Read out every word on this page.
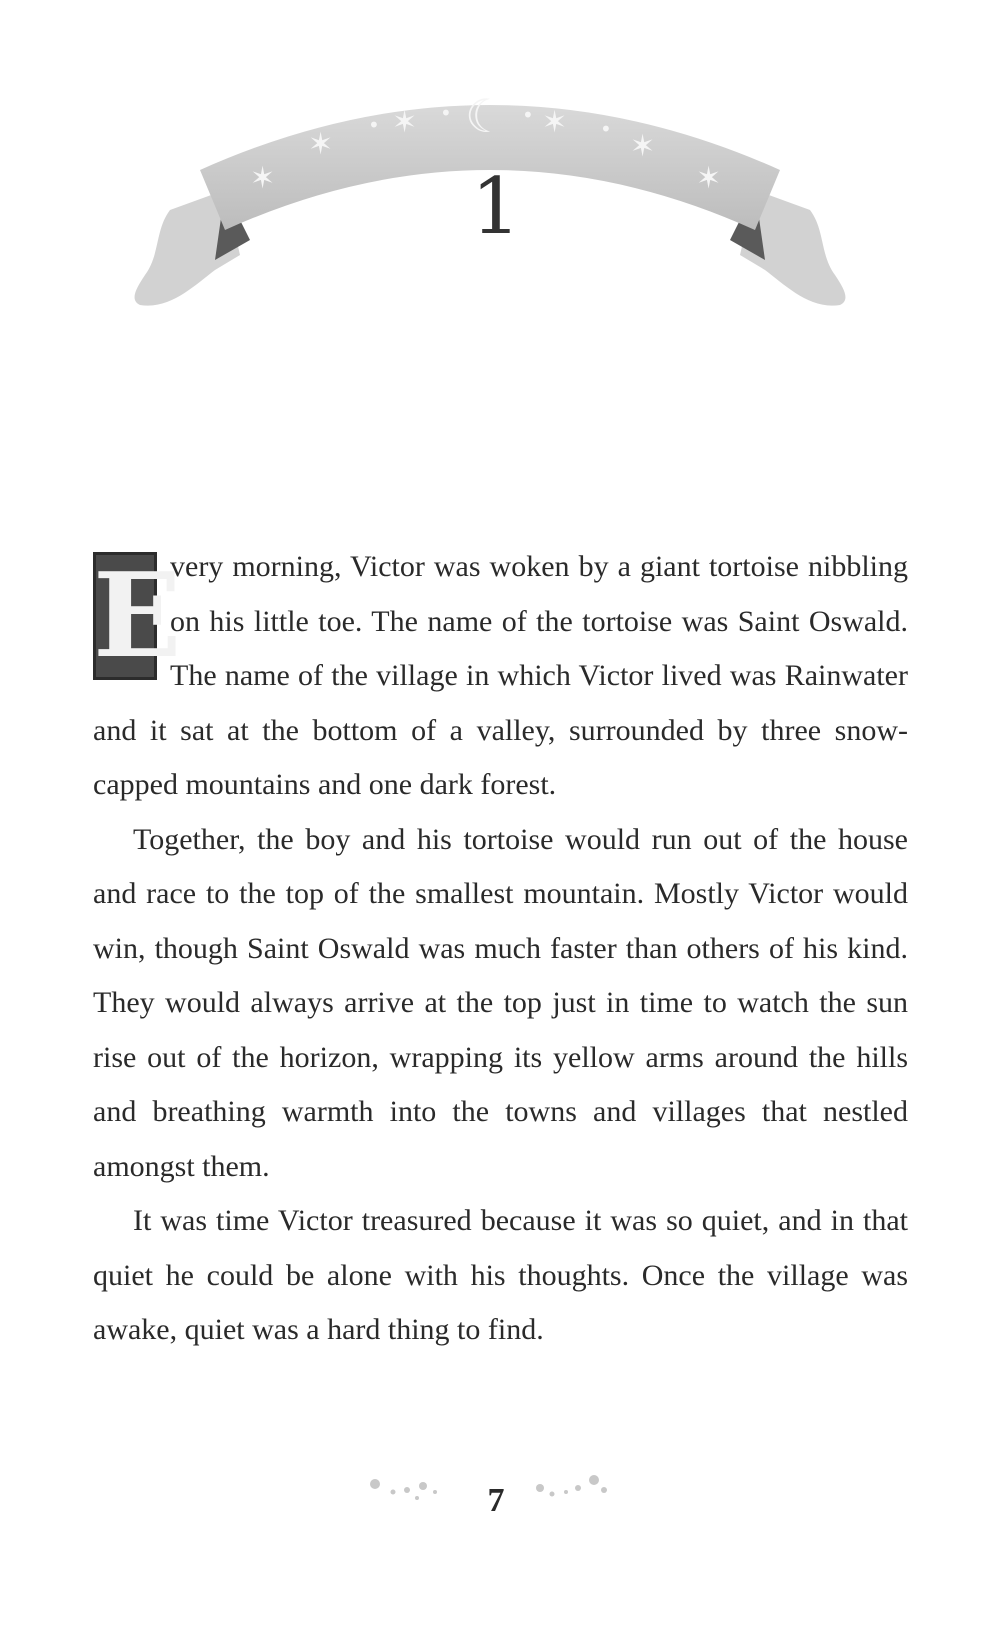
✶
✶
• ✶ • ☾ • ✶ • ✶
✶
1

E
very morning, Victor was woken by a giant tortoise nibbling on his little toe. The name of the tortoise was Saint Oswald. The name of the village in which Victor lived was Rainwater and it sat at the bottom of a valley, surrounded by three snow-capped mountains and one dark forest.

Together, the boy and his tortoise would run out of the house and race to the top of the smallest mountain. Mostly Victor would win, though Saint Oswald was much faster than others of his kind. They would always arrive at the top just in time to watch the sun rise out of the horizon, wrapping its yellow arms around the hills and breathing warmth into the towns and villages that nestled amongst them.

It was time Victor treasured because it was so quiet, and in that quiet he could be alone with his thoughts. Once the village was awake, quiet was a hard thing to find.

7
